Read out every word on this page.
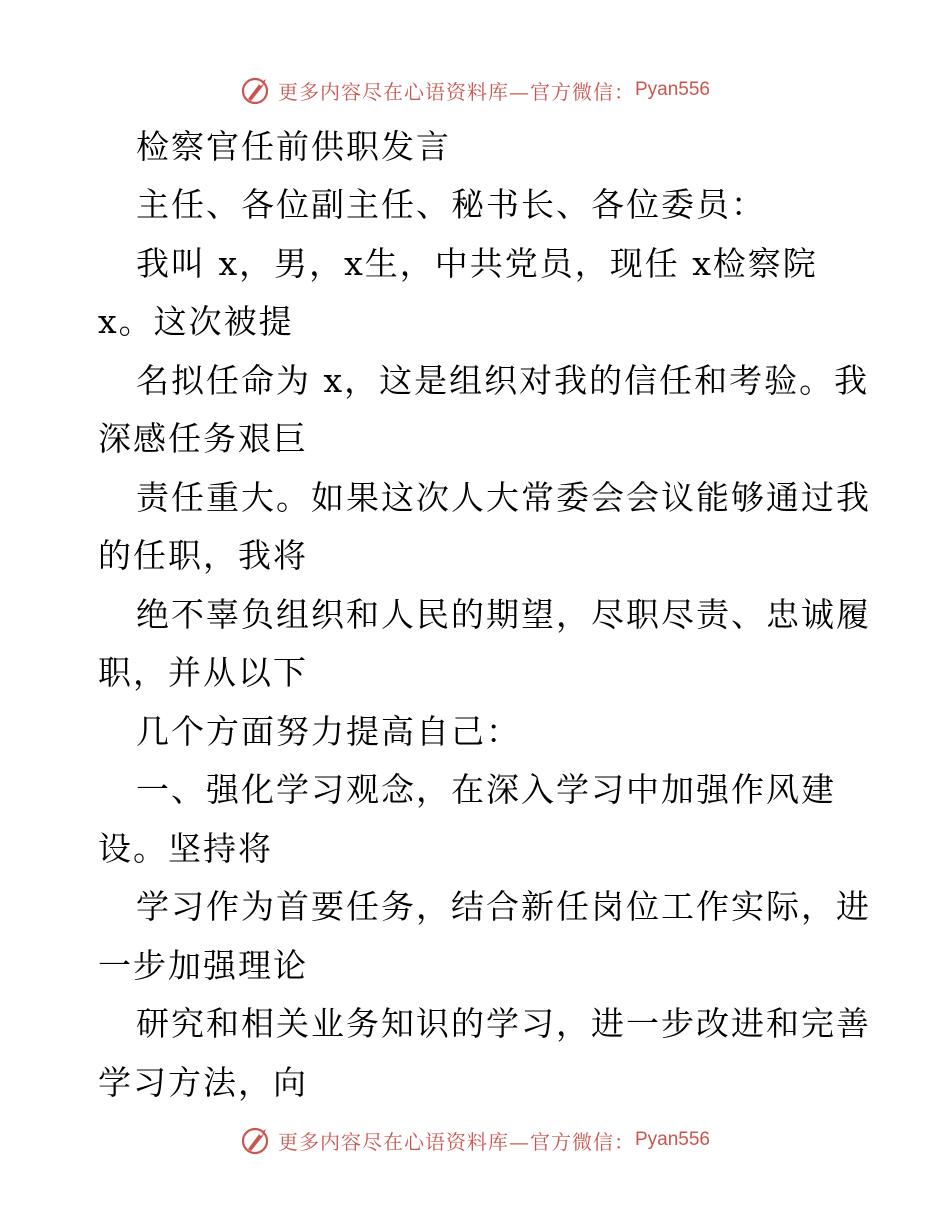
更多内容尽在心语资料库—官方微信： Pyan556
检察官任前供职发言
主任、各位副主任、秘书长、各位委员：
我叫 x，男，x生，中共党员，现任 x检察院
x。这次被提
名拟任命为 x，这是组织对我的信任和考验。我
深感任务艰巨
责任重大。如果这次人大常委会会议能够通过我
的任职，我将
绝不辜负组织和人民的期望，尽职尽责、忠诚履
职，并从以下
几个方面努力提高自己：
一、强化学习观念，在深入学习中加强作风建
设。坚持将
学习作为首要任务，结合新任岗位工作实际，进
一步加强理论
研究和相关业务知识的学习，进一步改进和完善
学习方法，向
更多内容尽在心语资料库—官方微信： Pyan556
